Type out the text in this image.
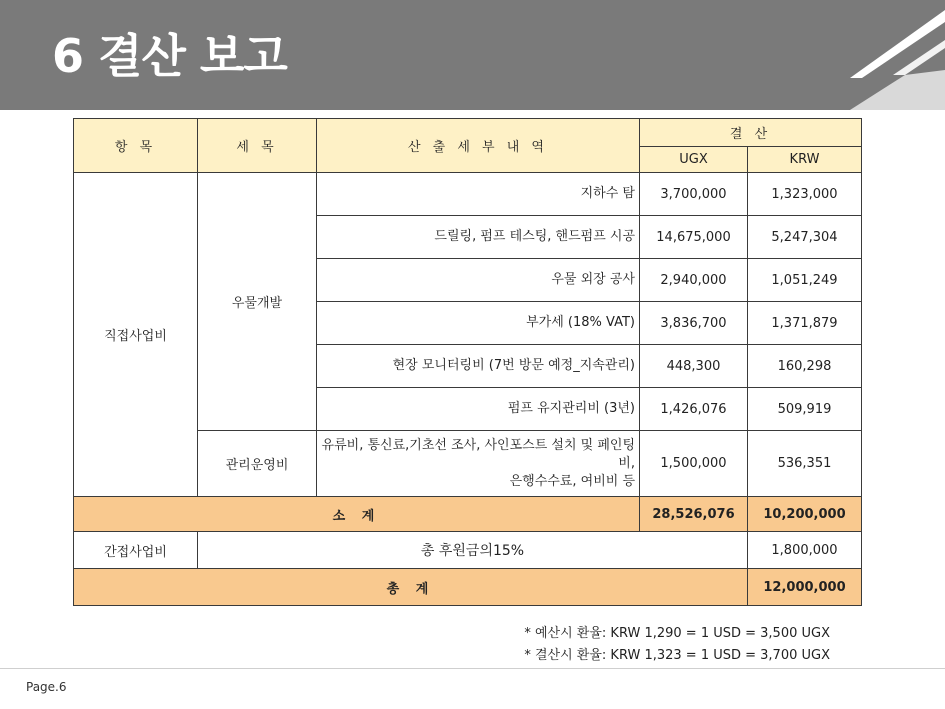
6 결산 보고
항 목	세 목	산 출 세 부 내 역	결 산	
			UGX	KRW
직접사업비	우물개발	지하수 탐	3,700,000	1,323,000
		드릴링, 펌프 테스팅, 핸드펌프 시공	14,675,000	5,247,304
		우물 외장 공사	2,940,000	1,051,249
		부가세 (18% VAT)	3,836,700	1,371,879
		현장 모니터링비 (7번 방문 예정_지속관리)	448,300	160,298
		펌프 유지관리비 (3년)	1,426,076	509,919
	관리운영비	유류비, 통신료,기초선 조사, 사인포스트 설치 및 페인팅비,
은행수수료, 여비비 등	1,500,000	536,351
소 계			28,526,076	10,200,000
간접사업비	총 후원금의15%			1,800,000
총 계				12,000,000
* 예산시 환율: KRW 1,290 = 1 USD = 3,500 UGX
* 결산시 환율: KRW 1,323 = 1 USD = 3,700 UGX
Page.6
